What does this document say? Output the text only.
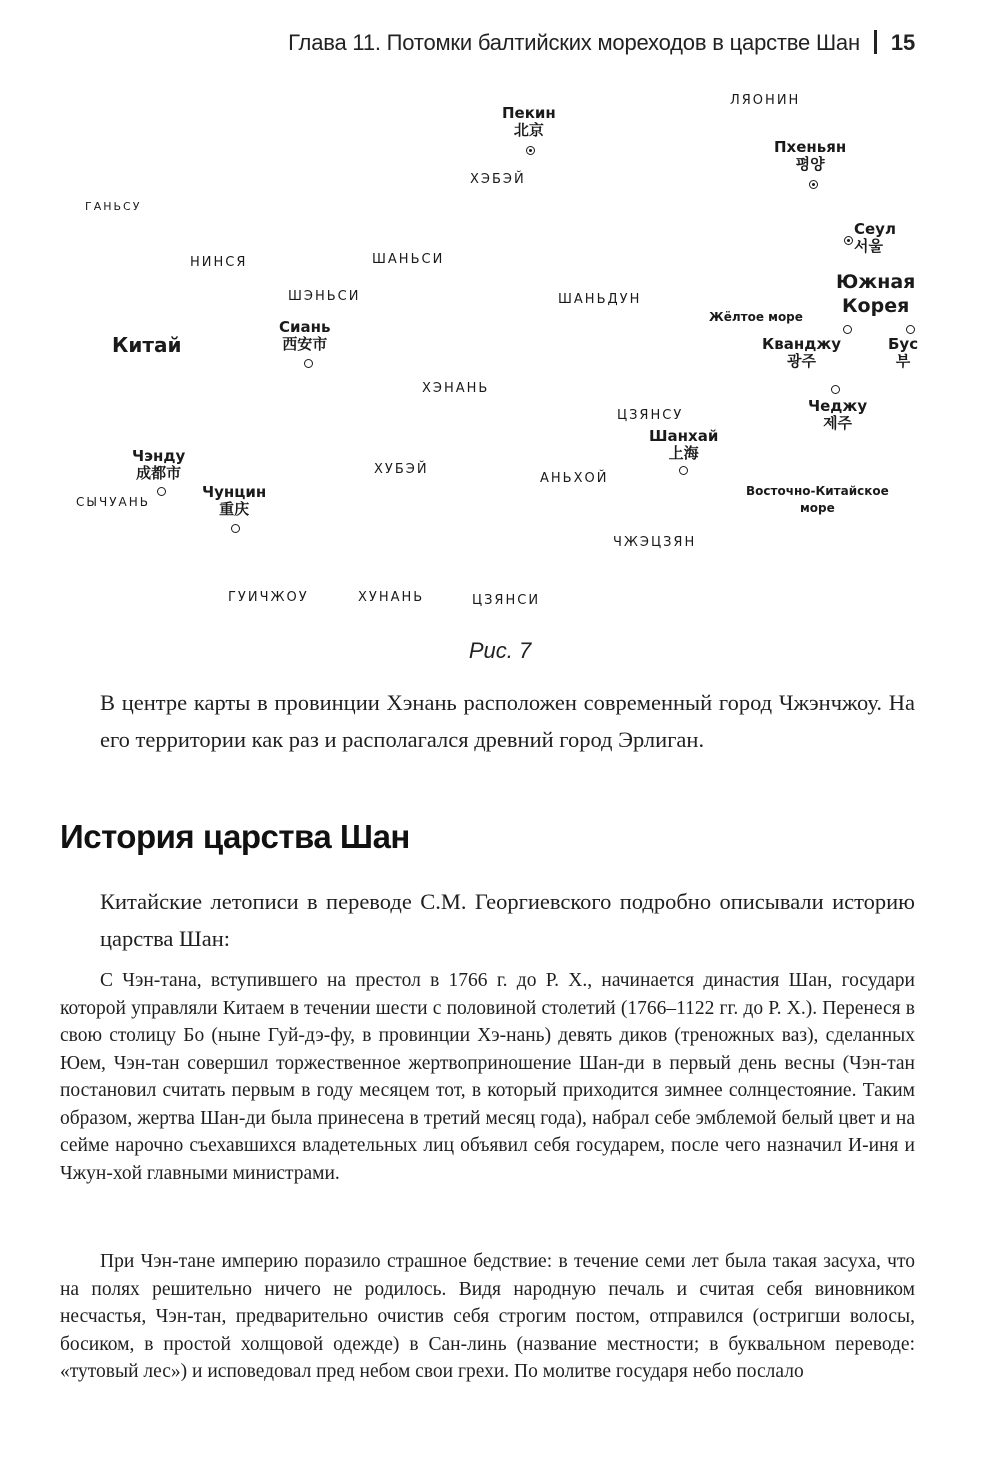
Глава 11. Потомки балтийских мореходов в царстве Шан 15
ЛЯОНИН
ХЭБЭЙ
ГАНЬСУ
НИНСЯ	ШАНЬСИ
ШЭНЬСИ	ШАНЬДУН
ХЭНАНЬ
ЦЗЯНСУ
ХУБЭЙ
АНЬХОЙ
СЫЧУАНЬ
ЧЖЭЦЗЯН
ГУИЧЖОУ	ХУНАНЬ	ЦЗЯНСИ
Китай
Южная
Корея
Жёлтое море
Восточно-Китайское
море
Пекин
北京
Пхеньян
평양
Сеул
서울
Сиань
西安市	Кванджу
광주
Бус
부
Чеджу
제주
Шанхай
上海
Чэнду
成都市
Чунцин
重庆
Рис. 7
В центре карты в провинции Хэнань расположен современный город Чжэнчжоу. На его территории как раз и располагался древний город Эрлиган.
История царства Шан
Китайские летописи в переводе С.М. Георгиевского подробно описывали историю царства Шан:
С Чэн-тана, вступившего на престол в 1766 г. до Р. Х., начинается династия Шан, государи которой управляли Китаем в течении шести с половиной столетий (1766–1122 гг. до Р. Х.). Перенеся в свою столицу Бо (ныне Гуй-дэ-фу, в провинции Хэ-нань) девять диков (треножных ваз), сделанных Юем, Чэн-тан совершил торжественное жертвоприношение Шан-ди в первый день весны (Чэн-тан постановил считать первым в году месяцем тот, в который приходится зимнее солнцестояние. Таким образом, жертва Шан-ди была принесена в третий месяц года), набрал себе эмблемой белый цвет и на сейме нарочно съехавшихся владетельных лиц объявил себя государем, после чего назначил И-иня и Чжун-хой главными министрами.
При Чэн-тане империю поразило страшное бедствие: в течение семи лет была такая засуха, что на полях решительно ничего не родилось. Видя народную печаль и считая себя виновником несчастья, Чэн-тан, предварительно очистив себя строгим постом, отправился (остригши волосы, босиком, в простой холщовой одежде) в Сан-линь (название местности; в буквальном переводе: «тутовый лес») и исповедовал пред небом свои грехи. По молитве государя небо послало
